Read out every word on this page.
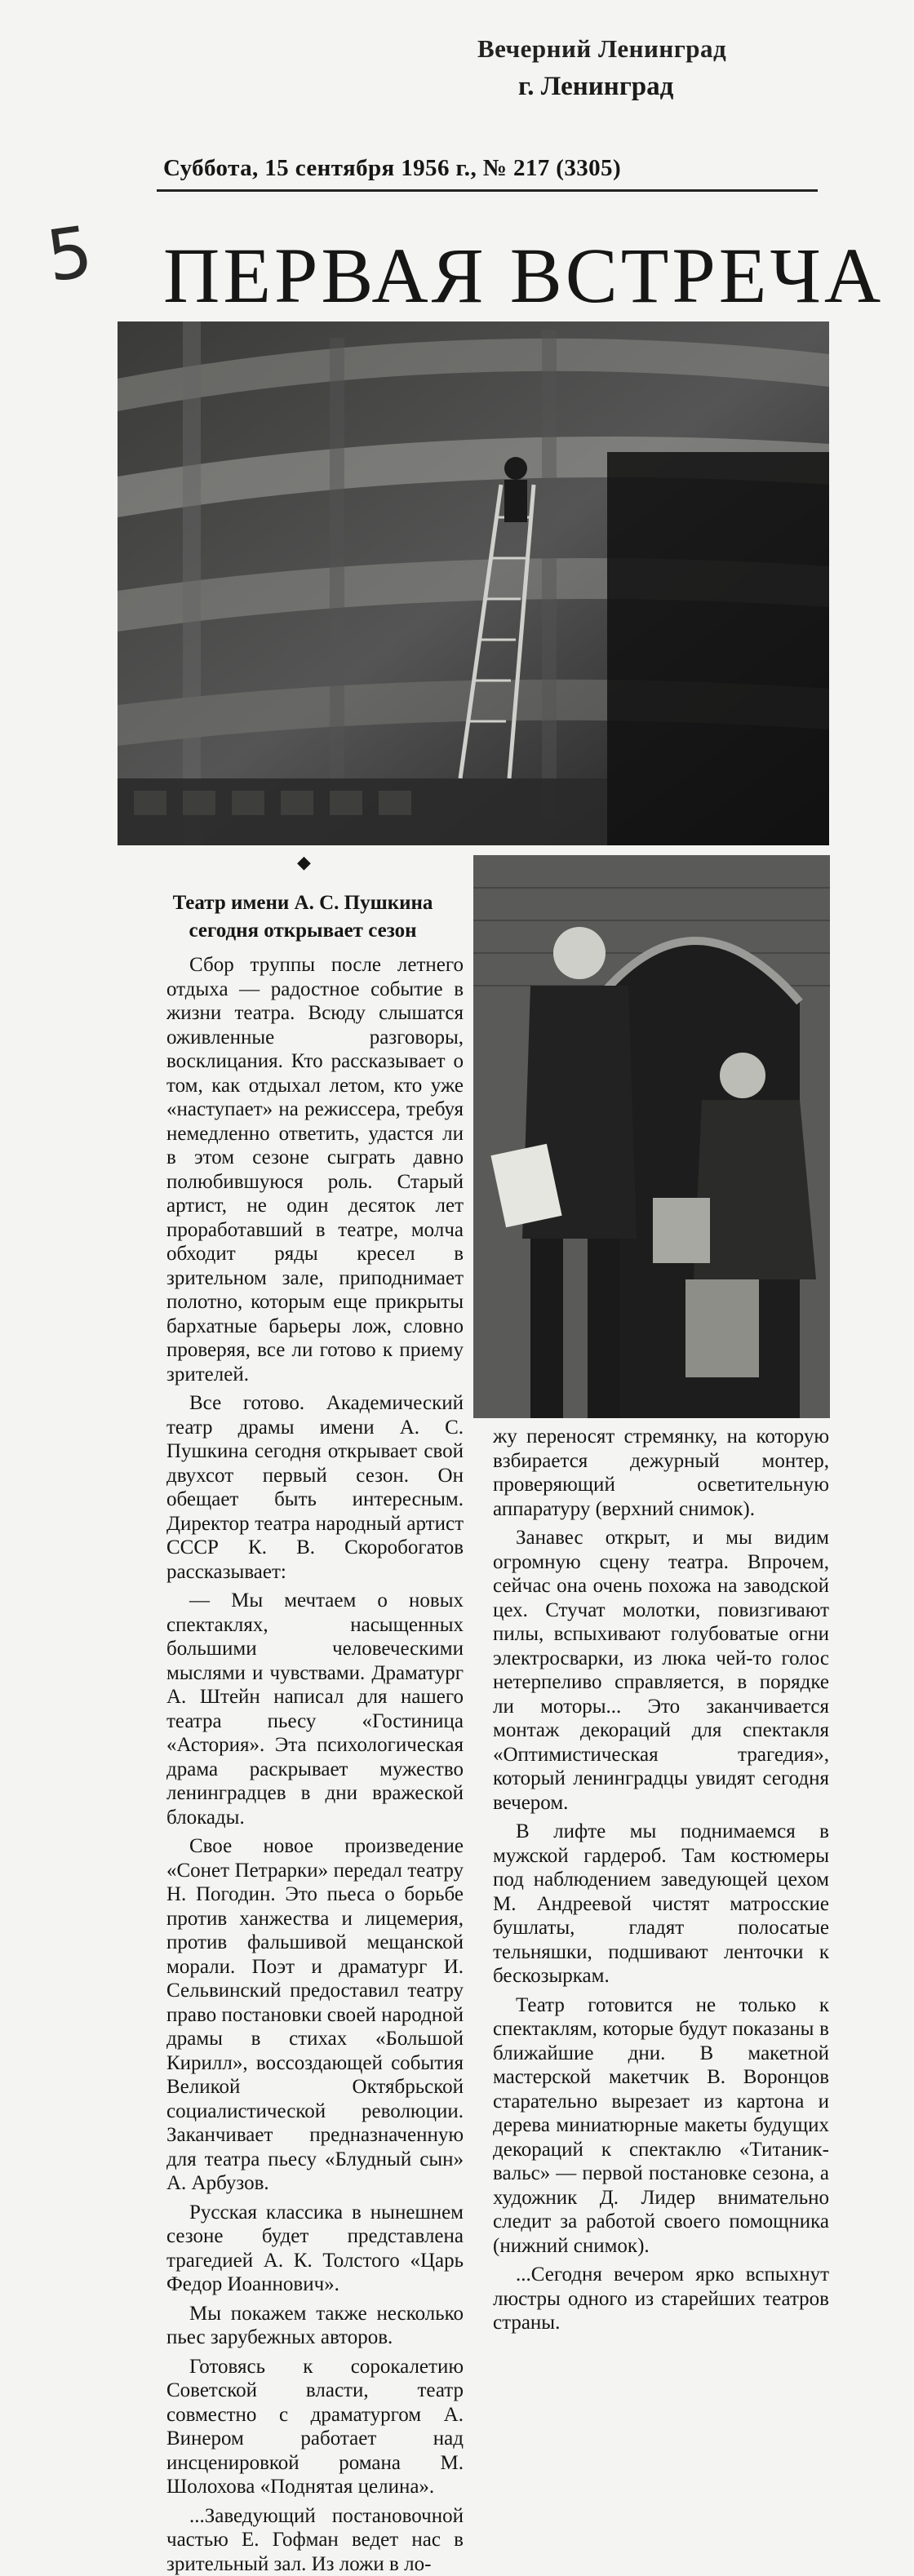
Вечерний Ленинград
г. Ленинград
Суббота, 15 сентября 1956 г., № 217 (3305)
5 ПЕРВАЯ ВСТРЕЧА
◆
Театр имени А. С. Пушкина
сегодня открывает сезон

Сбор труппы после летнего отдыха — радостное событие в жизни театра. Всюду слышатся оживленные разговоры, восклицания. Кто рассказывает о том, как отдыхал летом, кто уже «наступает» на режиссера, требуя немедленно ответить, удастся ли в этом сезоне сыграть давно полюбившуюся роль. Старый артист, не один десяток лет проработавший в театре, молча обходит ряды кресел в зрительном зале, приподнимает полотно, которым еще прикрыты бархатные барьеры лож, словно проверяя, все ли готово к приему зрителей.

Все готово. Академический театр драмы имени А. С. Пушкина сегодня открывает свой двухсот первый сезон. Он обещает быть интересным. Директор театра народный артист СССР К. В. Скоробогатов рассказывает:

— Мы мечтаем о новых спектаклях, насыщенных большими человеческими мыслями и чувствами. Драматург А. Штейн написал для нашего театра пьесу «Гостиница «Астория». Эта психологическая драма раскрывает мужество ленинградцев в дни вражеской блокады.

Свое новое произведение «Сонет Петрарки» передал театру Н. Погодин. Это пьеса о борьбе против ханжества и лицемерия, против фальшивой мещанской морали. Поэт и драматург И. Сельвинский предоставил театру право постановки своей народной драмы в стихах «Большой Кирилл», воссоздающей события Великой Октябрьской социалистической революции. Заканчивает предназначенную для театра пьесу «Блудный сын» А. Арбузов.

Русская классика в нынешнем сезоне будет представлена трагедией А. К. Толстого «Царь Федор Иоаннович».

Мы покажем также несколько пьес зарубежных авторов.

Готовясь к сорокалетию Советской власти, театр совместно с драматургом А. Винером работает над инсценировкой романа М. Шолохова «Поднятая целина».

...Заведующий постановочной частью Е. Гофман ведет нас в зрительный зал. Из ложи в ло-

жу переносят стремянку, на которую взбирается дежурный монтер, проверяющий осветительную аппаратуру (верхний снимок).

Занавес открыт, и мы видим огромную сцену театра. Впрочем, сейчас она очень похожа на заводской цех. Стучат молотки, повизгивают пилы, вспыхивают голубоватые огни электросварки, из люка чей-то голос нетерпеливо справляется, в порядке ли моторы... Это заканчивается монтаж декораций для спектакля «Оптимистическая трагедия», который ленинградцы увидят сегодня вечером.

В лифте мы поднимаемся в мужской гардероб. Там костюмеры под наблюдением заведующей цехом М. Андреевой чистят матросские бушлаты, гладят полосатые тельняшки, подшивают ленточки к бескозыркам.

Театр готовится не только к спектаклям, которые будут показаны в ближайшие дни. В макетной мастерской макетчик В. Воронцов старательно вырезает из картона и дерева миниатюрные макеты будущих декораций к спектаклю «Титаник-вальс» — первой постановке сезона, а художник Д. Лидер внимательно следит за работой своего помощника (нижний снимок).

...Сегодня вечером ярко вспыхнут люстры одного из старейших театров страны.
